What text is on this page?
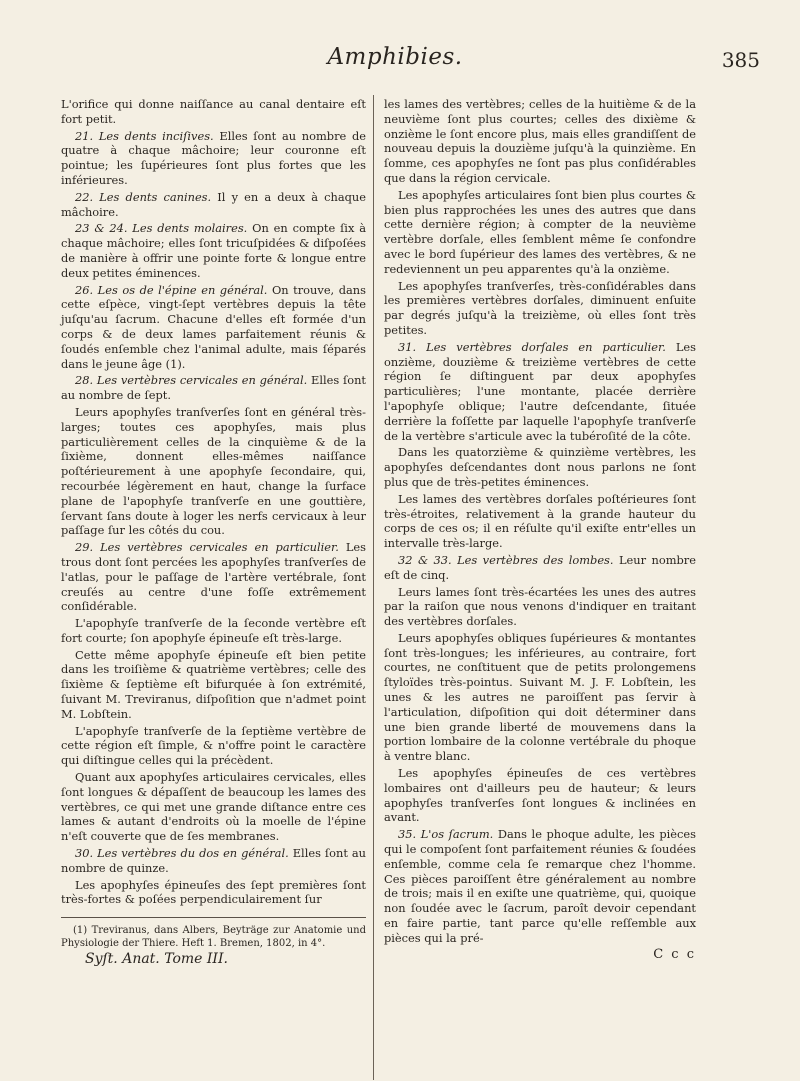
Amphibies.	385

L'orifice qui donne naiſſance au canal dentaire eſt fort petit.

21. Les dents inciſives. Elles ſont au nombre de quatre à chaque mâchoire; leur couronne eſt pointue; les ſupérieures ſont plus fortes que les inférieures.

22. Les dents canines. Il y en a deux à chaque mâchoire.

23 & 24. Les dents molaires. On en compte ſix à chaque mâchoire; elles ſont tricuſpidées & diſpoſées de manière à offrir une pointe forte & longue entre deux petites éminences.

26. Les os de l'épine en général. On trouve, dans cette eſpèce, vingt-ſept vertèbres depuis la tête juſqu'au ſacrum. Chacune d'elles eſt formée d'un corps & de deux lames parfaitement réunis & ſoudés enſemble chez l'animal adulte, mais ſéparés dans le jeune âge (1).

28. Les vertèbres cervicales en général. Elles ſont au nombre de ſept.

Leurs apophyſes tranſverſes ſont en général très-larges; toutes ces apophyſes, mais plus particulièrement celles de la cinquième & de la ſixième, donnent elles-mêmes naiſſance poſtérieurement à une apophyſe ſecondaire, qui, recourbée légèrement en haut, change la ſurface plane de l'apophyſe tranſverſe en une gouttière, ſervant ſans doute à loger les nerfs cervicaux à leur paſſage ſur les côtés du cou.

29. Les vertèbres cervicales en particulier. Les trous dont ſont percées les apophyſes tranſverſes de l'atlas, pour le paſſage de l'artère vertébrale, ſont creuſés au centre d'une foſſe extrêmement conſidérable.

L'apophyſe tranſverſe de la ſeconde vertèbre eſt fort courte; ſon apophyſe épineuſe eſt très-large.

Cette même apophyſe épineuſe eſt bien petite dans les troiſième & quatrième vertèbres; celle des ſixième & ſeptième eſt bifurquée à ſon extrémité, ſuivant M. Treviranus, diſpoſition que n'admet point M. Lobſtein.

L'apophyſe tranſverſe de la ſeptième vertèbre de cette région eſt ſimple, & n'offre point le caractère qui diſtingue celles qui la précèdent.

Quant aux apophyſes articulaires cervicales, elles ſont longues & dépaſſent de beaucoup les lames des vertèbres, ce qui met une grande diſtance entre ces lames & autant d'endroits où la moelle de l'épine n'eſt couverte que de ſes membranes.

30. Les vertèbres du dos en général. Elles ſont au nombre de quinze.

Les apophyſes épineuſes des ſept premières ſont très-fortes & poſées perpendiculairement ſur

(1) Treviranus, dans Albers, Beyträge zur Anatomie und Physiologie der Thiere. Heft 1. Bremen, 1802, in 4°.

Syſt. Anat. Tome III.

les lames des vertèbres; celles de la huitième & de la neuvième ſont plus courtes; celles des dixième & onzième le ſont encore plus, mais elles grandiſſent de nouveau depuis la douzième juſqu'à la quinzième. En ſomme, ces apophyſes ne ſont pas plus conſidérables que dans la région cervicale.

Les apophyſes articulaires ſont bien plus courtes & bien plus rapprochées les unes des autres que dans cette dernière région; à compter de la neuvième vertèbre dorſale, elles ſemblent même ſe confondre avec le bord ſupérieur des lames des vertèbres, & ne redeviennent un peu apparentes qu'à la onzième.

Les apophyſes tranſverſes, très-conſidérables dans les premières vertèbres dorſales, diminuent enſuite par degrés juſqu'à la treizième, où elles ſont très petites.

31. Les vertèbres dorſales en particulier. Les onzième, douzième & treizième vertèbres de cette région ſe diſtinguent par deux apophyſes particulières; l'une montante, placée derrière l'apophyſe oblique; l'autre deſcendante, ſituée derrière la foſſette par laquelle l'apophyſe tranſverſe de la vertèbre s'articule avec la tubéroſité de la côte.

Dans les quatorzième & quinzième vertèbres, les apophyſes deſcendantes dont nous parlons ne ſont plus que de très-petites éminences.

Les lames des vertèbres dorſales poſtérieures ſont très-étroites, relativement à la grande hauteur du corps de ces os; il en réſulte qu'il exiſte entr'elles un intervalle très-large.

32 & 33. Les vertèbres des lombes. Leur nombre eſt de cinq.

Leurs lames ſont très-écartées les unes des autres par la raiſon que nous venons d'indiquer en traitant des vertèbres dorſales.

Leurs apophyſes obliques ſupérieures & montantes ſont très-longues; les inférieures, au contraire, fort courtes, ne conſtituent que de petits prolongemens ſtyloïdes très-pointus. Suivant M. J. F. Lobſtein, les unes & les autres ne paroiſſent pas ſervir à l'articulation, diſpoſition qui doit déterminer dans une bien grande liberté de mouvemens dans la portion lombaire de la colonne vertébrale du phoque à ventre blanc.

Les apophyſes épineuſes de ces vertèbres lombaires ont d'ailleurs peu de hauteur; & leurs apophyſes tranſverſes ſont longues & inclinées en avant.

35. L'os ſacrum. Dans le phoque adulte, les pièces qui le compoſent ſont parfaitement réunies & ſoudées enſemble, comme cela ſe remarque chez l'homme. Ces pièces paroiſſent être généralement au nombre de trois; mais il en exiſte une quatrième, qui, quoique non ſoudée avec le ſacrum, paroît devoir cependant en faire partie, tant parce qu'elle reſſemble aux pièces qui la pré-

C c c
